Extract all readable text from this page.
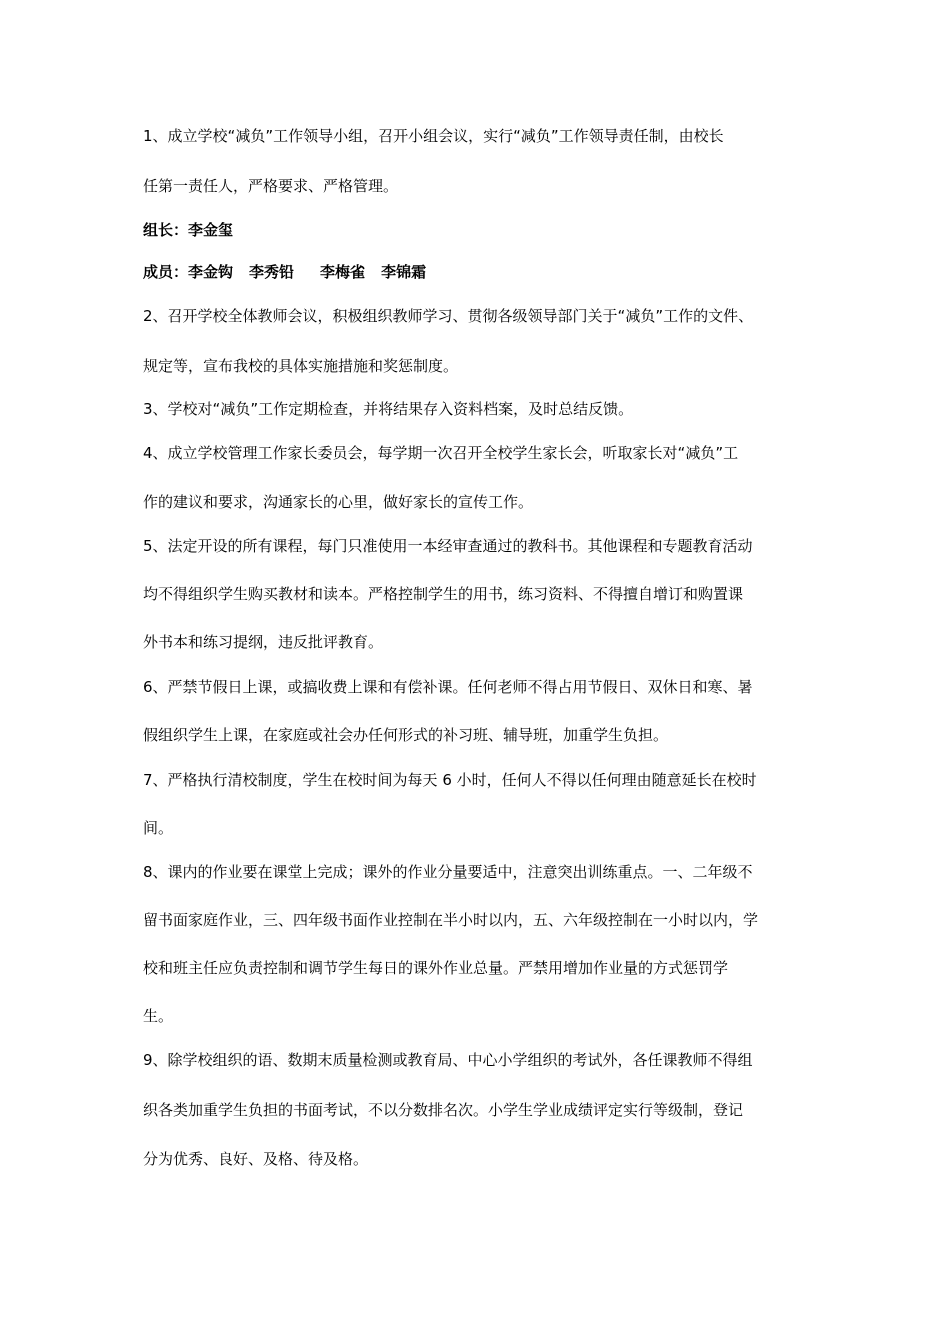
1、成立学校“减负”工作领导小组，召开小组会议，实行“减负”工作领导责任制，由校长
任第一责任人，严格要求、严格管理。
组长：李金玺
成员：李金钩 李秀铅 李梅雀 李锦霜
2、召开学校全体教师会议，积极组织教师学习、贯彻各级领导部门关于“减负”工作的文件、
规定等，宣布我校的具体实施措施和奖惩制度。
3、学校对“减负”工作定期检查，并将结果存入资料档案，及时总结反馈。
4、成立学校管理工作家长委员会，每学期一次召开全校学生家长会，听取家长对“减负”工
作的建议和要求，沟通家长的心里，做好家长的宣传工作。
5、法定开设的所有课程，每门只准使用一本经审查通过的教科书。其他课程和专题教育活动
均不得组织学生购买教材和读本。严格控制学生的用书，练习资料、不得擅自增订和购置课
外书本和练习提纲，违反批评教育。
6、严禁节假日上课，或搞收费上课和有偿补课。任何老师不得占用节假日、双休日和寒、暑
假组织学生上课，在家庭或社会办任何形式的补习班、辅导班，加重学生负担。
7、严格执行清校制度，学生在校时间为每天 6 小时，任何人不得以任何理由随意延长在校时
间。
8、课内的作业要在课堂上完成；课外的作业分量要适中，注意突出训练重点。一、二年级不
留书面家庭作业，三、四年级书面作业控制在半小时以内，五、六年级控制在一小时以内，学
校和班主任应负责控制和调节学生每日的课外作业总量。严禁用增加作业量的方式惩罚学
生。
9、除学校组织的语、数期末质量检测或教育局、中心小学组织的考试外，各任课教师不得组
织各类加重学生负担的书面考试，不以分数排名次。小学生学业成绩评定实行等级制，登记
分为优秀、良好、及格、待及格。
